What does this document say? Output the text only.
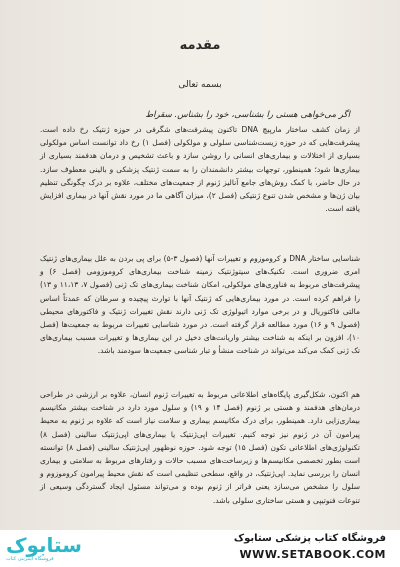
مقدمه
بسمه تعالی
اگر می‌خواهی هستی را بشناسی، خود را بشناس. سقراط
از زمان کشف ساختار مارپیچ DNA تاکنون پیشرفت‌های شگرفی در حوزه ژنتیک رخ داده است. پیشرفت‌هایی که در حوزه زیست‌شناسی سلولی و مولکولی (فصل ۱) رخ داد توانست اساس مولکولی بسیاری از اختلالات و بیماری‌های انسانی را روشن سازد و باعث تشخیص و درمان هدفمند بسیاری از بیماری‌ها شود؛ همینطور، توجهات بیشتر دانشمندان را به سمت ژنتیک پزشکی و بالینی معطوف سازد. در حال حاضر، با کمک روش‌های جامع آنالیز ژنوم از جمعیت‌های مختلف، علاوه بر درک چگونگی تنظیم بیان ژن‌ها و مشخص شدن تنوع ژنتیکی (فصل ۲)، میزان آگاهی ما در مورد نقش آنها در بیماری افزایش یافته است.
شناسایی ساختار DNA و کروموزوم و تغییرات آنها (فصول ۳-۵) برای پی بردن به علل بیماری‌های ژنتیک امری ضروری است. تکنیک‌های سیتوژنتیک زمینه شناخت بیماری‌های کروموزومی (فصل ۶) و پیشرفت‌های مربوط به فناوری‌های مولکولی، امکان شناخت بیماری‌های تک ژنی (فصول ۷، ۱۱،۱۳ و ۱۳) را فراهم کرده است. در مورد بیماری‌هایی که ژنتیک آنها با توارث پیچیده و سرطان که عمدتاً اساس مالتی فاکتوریال و در برخی موارد اتیولوژی تک ژنی دارند نقش تغییرات ژنتیک و فاکتورهای محیطی (فصول ۹ و ۱۶) مورد مطالعه قرار گرفته است. در مورد شناسایی تغییرات مربوط به جمعیت‌ها (فصل ۱۰)، افزون بر اینکه به شناخت بیشتر واریانت‌های دخیل در این بیماری‌ها و تغییرات مسبب بیماری‌های تک ژنی کمک می‌کند می‌تواند در شناخت منشأ و تبار شناسی جمعیت‌ها سودمند باشد.
هم اکنون، شکل‌گیری پایگاه‌های اطلاعاتی مربوط به تغییرات ژنوم انسان، علاوه بر ارزشی در طراحی درمان‌های هدفمند و هستی بر ژنوم (فصل ۱۴ و ۱۹) و سلول مورد دارد در شناخت بیشتر مکانیسم بیماری‌زایی دارد. همینطور، برای درک مکانیسم بیماری و سلامت نیاز است که علاوه بر ژنوم به محیط پیرامون آن در ژنوم نیز توجه کنیم. تغییرات اپی‌ژنتیک یا بیماری‌های اپی‌ژنتیک سالینی (فصل ۸) تکنولوژی‌های اطلاعاتی تکون (فصل ۱۵) توجه شود. حوزه نوظهور اپی‌ژنتیک سالینی (فصل ۸) توانسته است بطور تخصصی مکانیسم‌ها و زیرساخت‌های مسبب حالات و رفتارهای مربوط به سلامتی و بیماری انسان را بررسی نماید. اپی‌ژنتیک، در واقع، سطحی تنظیمی است که نقش محیط پیرامون کروموزوم و سلول را مشخص می‌سازد یعنی فراتر از ژنوم بوده و می‌تواند مسئول ایجاد گستردگی وسیعی از تنوعات فنوتیپی و هستی ساختاری سلولی باشد.
ستابوک
فروشگاه اینترنتی کتاب
فروشگاه کتاب پزشکی ستابوک
WWW.SETABOOK.COM
